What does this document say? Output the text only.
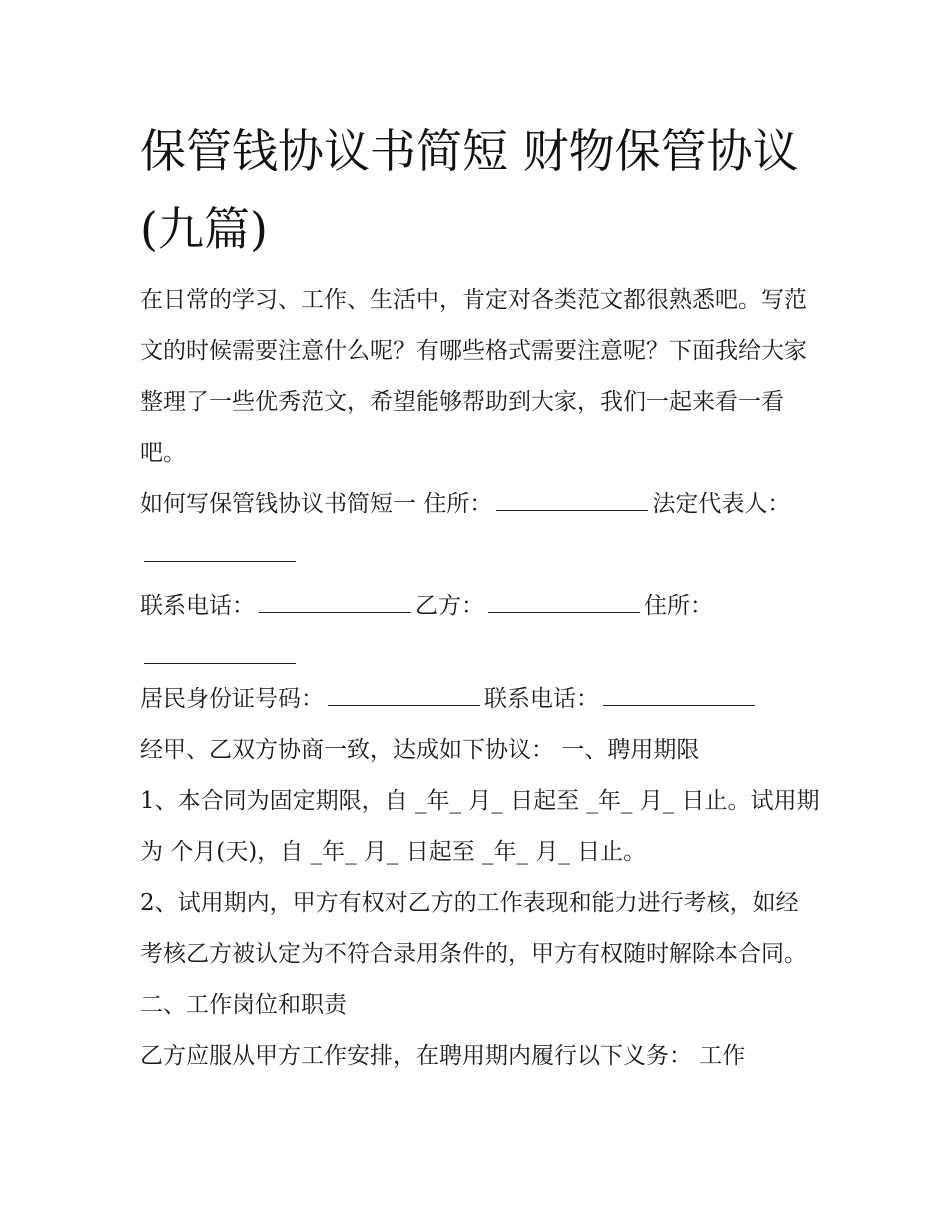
保管钱协议书简短 财物保管协议(九篇)

在日常的学习、工作、生活中，肯定对各类范文都很熟悉吧。写范文的时候需要注意什么呢？有哪些格式需要注意呢？下面我给大家整理了一些优秀范文，希望能够帮助到大家，我们一起来看一看吧。

如何写保管钱协议书简短一 住所：	法定代表人：

联系电话：	乙方：	住所：

居民身份证号码：	联系电话：

经甲、乙双方协商一致，达成如下协议： 一、聘用期限

1、本合同为固定期限，自 _年_ 月_ 日起至 _年_ 月_ 日止。试用期为 个月(天)，自 _年_ 月_ 日起至 _年_ 月_ 日止。

2、试用期内，甲方有权对乙方的工作表现和能力进行考核，如经考核乙方被认定为不符合录用条件的，甲方有权随时解除本合同。 二、工作岗位和职责

乙方应服从甲方工作安排，在聘用期内履行以下义务： 工作
